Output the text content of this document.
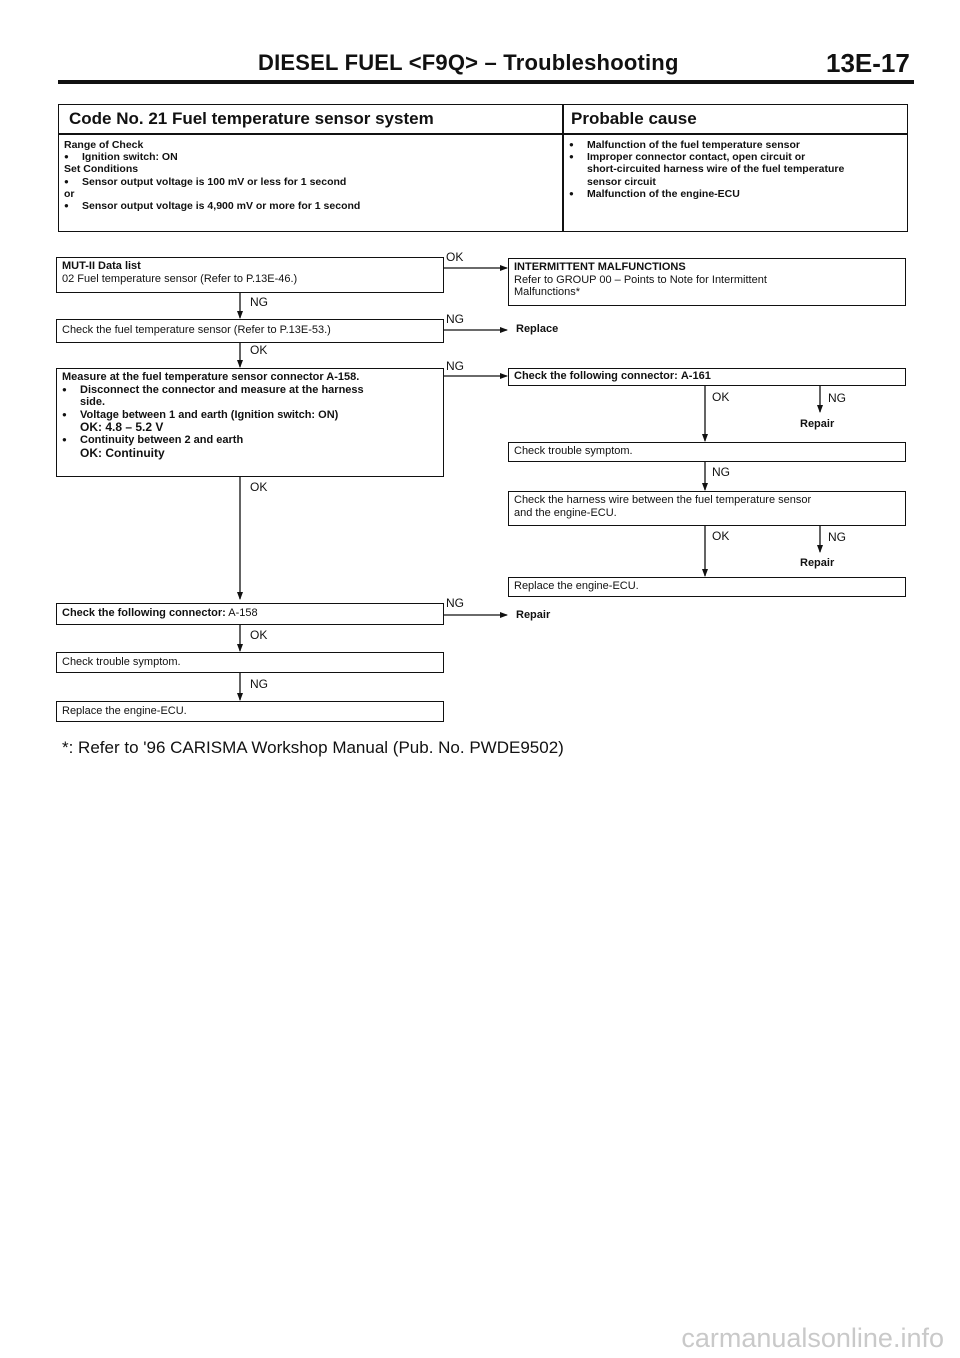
DIESEL FUEL <F9Q> – Troubleshooting	13E-17
Code No. 21 Fuel temperature sensor system	Probable cause
Range of Check
● Ignition switch: ON
Set Conditions
● Sensor output voltage is 100 mV or less for 1 second
or
● Sensor output voltage is 4,900 mV or more for 1 second
● Malfunction of the fuel temperature sensor
● Improper connector contact, open circuit or
short-circuited harness wire of the fuel temperature
sensor circuit
● Malfunction of the engine-ECU
MUT-II Data list
02 Fuel temperature sensor (Refer to P.13E-46.)
OK
NG
Check the fuel temperature sensor (Refer to P.13E-53.)
NG
OK
Measure at the fuel temperature sensor connector A-158.
● Disconnect the connector and measure at the harness
side.
● Voltage between 1 and earth (Ignition switch: ON)
OK: 4.8 – 5.2 V
● Continuity between 2 and earth
OK: Continuity
NG
OK
Check the following connector: A-158
NG
OK
Check trouble symptom.
NG
Replace the engine-ECU.
INTERMITTENT MALFUNCTIONS
Refer to GROUP 00 – Points to Note for Intermittent
Malfunctions*
Replace
Check the following connector: A-161
OK	NG
Repair
Check trouble symptom.
NG
Check the harness wire between the fuel temperature sensor
and the engine-ECU.
OK	NG
Repair
Replace the engine-ECU.
Repair
*: Refer to '96 CARISMA Workshop Manual (Pub. No. PWDE9502)
carmanualsonline.info
